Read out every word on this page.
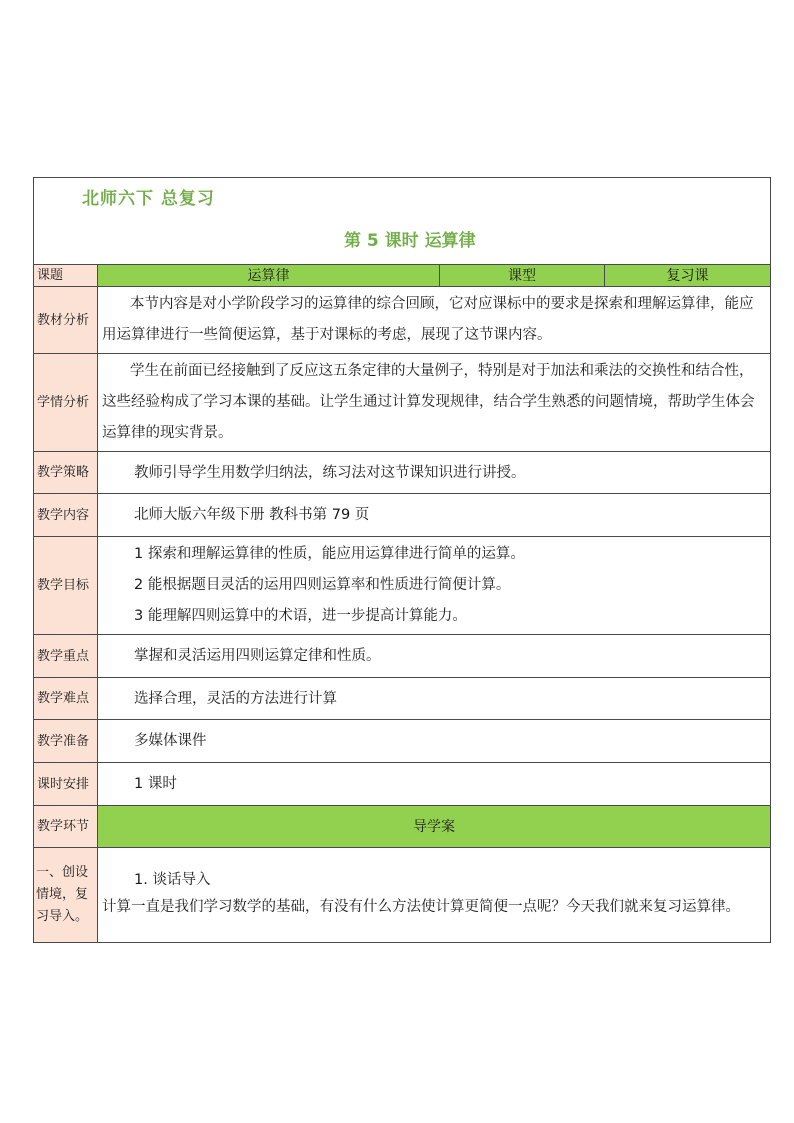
北师六下 总复习
第 5 课时 运算律			

课题	运算律	课型	复习课
教材分析	本节内容是对小学阶段学习的运算律的综合回顾，它对应课标中的要求是探索和理解运算律，能应用运算律进行一些简便运算，基于对课标的考虑，展现了这节课内容。		

学情分析	学生在前面已经接触到了反应这五条定律的大量例子，特别是对于加法和乘法的交换性和结合性，这些经验构成了学习本课的基础。让学生通过计算发现规律，结合学生熟悉的问题情境，帮助学生体会运算律的现实背景。		

教学策略	教师引导学生用数学归纳法，练习法对这节课知识进行讲授。		
教学内容	北师大版六年级下册 教科书第 79 页		
教学目标	1 探索和理解运算律的性质，能应用运算律进行简单的运算。
2 能根据题目灵活的运用四则运算率和性质进行简便计算。
3 能理解四则运算中的术语，进一步提高计算能力。		

教学重点	掌握和灵活运用四则运算定律和性质。		
教学难点	选择合理，灵活的方法进行计算		
教学准备	多媒体课件		
课时安排	1 课时		
教学环节	导学案		
一、创设情境，复习导入。	1. 谈话导入

计算一直是我们学习数学的基础，有没有什么方法使计算更简便一点呢？今天我们就来复习运算律。		
